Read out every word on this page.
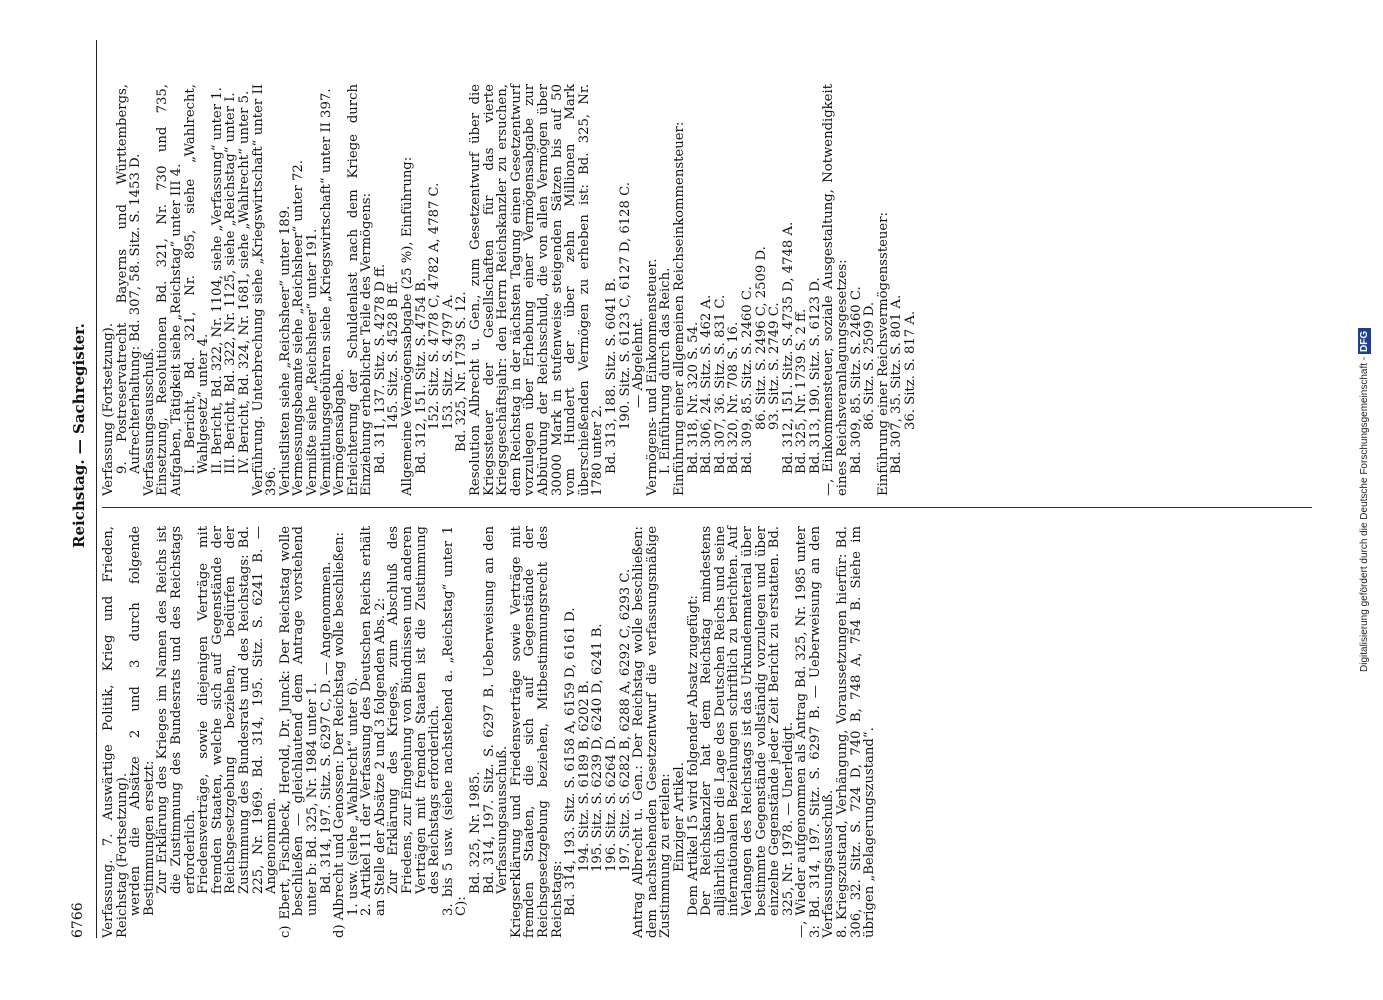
6766
Reichstag. — Sachregister.

Verfassung. 7. Auswärtige Politik, Krieg und Frieden, Reichstag (Fortsetzung).

werden die Absätze 2 und 3 durch folgende Bestimmungen ersetzt:

Zur Erklärung des Krieges im Namen des Reichs ist die Zustimmung des Bundesrats und des Reichstags erforderlich.

Friedensverträge, sowie diejenigen Verträge mit fremden Staaten, welche sich auf Gegenstände der Reichsgesetzgebung beziehen, bedürfen der Zustimmung des Bundesrats und des Reichstags: Bd. 225, Nr. 1969. Bd. 314, 195. Sitz. S. 6241 B. — Angenommen.

c) Ebert, Fischbeck, Herold, Dr. Junck: Der Reichstag wolle beschließen — gleichlautend dem Antrage vorstehend unter b: Bd. 325, Nr. 1984 unter 1.

Bd. 314, 197. Sitz. S. 6297 C, D. — Angenommen.

d) Albrecht und Genossen: Der Reichstag wolle beschließen:

1. usw. (siehe „Wahlrecht“ unter 6).

2. Artikel 11 der Verfassung des Deutschen Reichs erhält an Stelle der Absätze 2 und 3 folgenden Abs. 2:

Zur Erklärung des Krieges, zum Abschluß des Friedens, zur Eingehung von Bündnissen und anderen Verträgen mit fremden Staaten ist die Zustimmung des Reichstags erforderlich.

3. bis 5 usw. (siehe nachstehend a. „Reichstag“ unter 1 C):

Bd. 325, Nr. 1985.

Bd. 314, 197. Sitz. S. 6297 B. Ueberweisung an den Verfassungsausschuß.

Kriegserklärung und Friedensverträge sowie Verträge mit fremden Staaten, die sich auf Gegenstände der Reichsgesetzgebung beziehen, Mitbestimmungsrecht des Reichstags:

Bd. 314, 193. Sitz. S. 6158 A, 6159 D, 6161 D.

194. Sitz. S. 6189 B, 6202 B.

195. Sitz. S. 6239 D, 6240 D, 6241 B.

196. Sitz. S. 6264 D.

197. Sitz. S. 6282 B, 6288 A, 6292 C, 6293 C.

Antrag Albrecht u. Gen.: Der Reichstag wolle beschließen: dem nachstehenden Gesetzentwurf die verfassungsmäßige Zustimmung zu erteilen:

Einziger Artikel.

Dem Artikel 15 wird folgender Absatz zugefügt:

Der Reichskanzler hat dem Reichstag mindestens alljährlich über die Lage des Deutschen Reichs und seine internationalen Beziehungen schriftlich zu berichten. Auf Verlangen des Reichstags ist das Urkundenmaterial über bestimmte Gegenstände vollständig vorzulegen und über einzelne Gegenstände jeder Zeit Bericht zu erstatten. Bd. 325, Nr. 1978. — Unerledigt.

—, Wieder aufgenommen als Antrag Bd. 325, Nr. 1985 unter 3: Bd. 314, 197. Sitz. S. 6297 B. — Ueberweisung an den Verfassungsausschuß.

8. Kriegszustand, Verhängung, Voraussetzungen hierfür: Bd. 306, 32. Sitz. S. 724 D, 740 B, 748 A, 754 B. Siehe im übrigen „Belagerungszustand“.

Verfassung (Fortsetzung).

9. Postreservatrecht Bayerns und Württembergs, Aufrechterhaltung: Bd. 307, 58. Sitz. S. 1453 D.

Verfassungsausschuß.

Einsetzung, Resolutionen Bd. 321, Nr. 730 und 735, Aufgaben, Tätigkeit siehe „Reichstag“ unter III 4.

I. Bericht, Bd. 321, Nr. 895, siehe „Wahlrecht, Wahlgesetz“ unter 4.

II. Bericht, Bd. 322, Nr. 1104, siehe „Verfassung“ unter 1.

III. Bericht, Bd. 322, Nr. 1125, siehe „Reichstag“ unter I.

IV. Bericht, Bd. 324, Nr. 1681, siehe „Wahlrecht“ unter 5.

Verführung. Unterbrechung siehe „Kriegswirtschaft“ unter II 396.

Verlustlisten siehe „Reichsheer“ unter 189.

Vermessungsbeamte siehe „Reichsheer“ unter 72.

Vermißte siehe „Reichsheer“ unter 191.

Vermittlungsgebühren siehe „Kriegswirtschaft“ unter II 397.

Vermögensabgabe.

Erleichterung der Schuldenlast nach dem Kriege durch Einziehung erheblicher Teile des Vermögens:

Bd. 311, 137. Sitz. S. 4278 D ff.

145. Sitz. S. 4528 B ff.

Allgemeine Vermögensabgabe (25 %), Einführung:

Bd. 312, 151. Sitz. S. 4754 B.

152. Sitz. S. 4778 C, 4782 A, 4787 C.

153. Sitz. S. 4797 A.

Bd. 325, Nr. 1739 S. 12.

Resolution Albrecht u. Gen., zum Gesetzentwurf über die Kriegssteuer der Gesellschaften für das vierte Kriegsgeschäftsjahr: den Herrn Reichskanzler zu ersuchen, dem Reichstag in der nächsten Tagung einen Gesetzentwurf vorzulegen über Erhebung einer Vermögensabgabe zur Abbürdung der Reichsschuld, die von allen Vermögen über 30000 Mark in stufenweise steigenden Sätzen bis auf 50 vom Hundert der über zehn Millionen Mark überschießenden Vermögen zu erheben ist: Bd. 325, Nr. 1780 unter 2.

Bd. 313, 188. Sitz. S. 6041 B.

190. Sitz. S. 6123 C, 6127 D, 6128 C.

— Abgelehnt.

Vermögens- und Einkommensteuer.

I. Einführung durch das Reich.

Einführung einer allgemeinen Reichseinkommensteuer:

Bd. 318, Nr. 320 S. 54.

Bd. 306, 24. Sitz. S. 462 A.

Bd. 307, 36. Sitz. S. 831 C.

Bd. 320, Nr. 708 S. 16.

Bd. 309, 85. Sitz. S. 2460 C.

86. Sitz. S. 2496 C, 2509 D.

93. Sitz. S. 2749 C.

Bd. 312, 151. Sitz. S. 4735 D, 4748 A.

Bd. 325, Nr. 1739 S. 2 ff.

Bd. 313, 190. Sitz. S. 6123 D.

—, Einkommensteuer, soziale Ausgestaltung, Notwendigkeit eines Reichsveranlagungsgesetzes:

Bd. 309, 85. Sitz. S. 2460 C.

86. Sitz. S. 2509 D.

Einführung einer Reichsvermögenssteuer:

Bd. 307, 35. Sitz. S. 801 A.

36. Sitz. S. 817 A.	Digitalisierung gefördert durch die Deutsche Forschungsgemeinschaft - DFG
